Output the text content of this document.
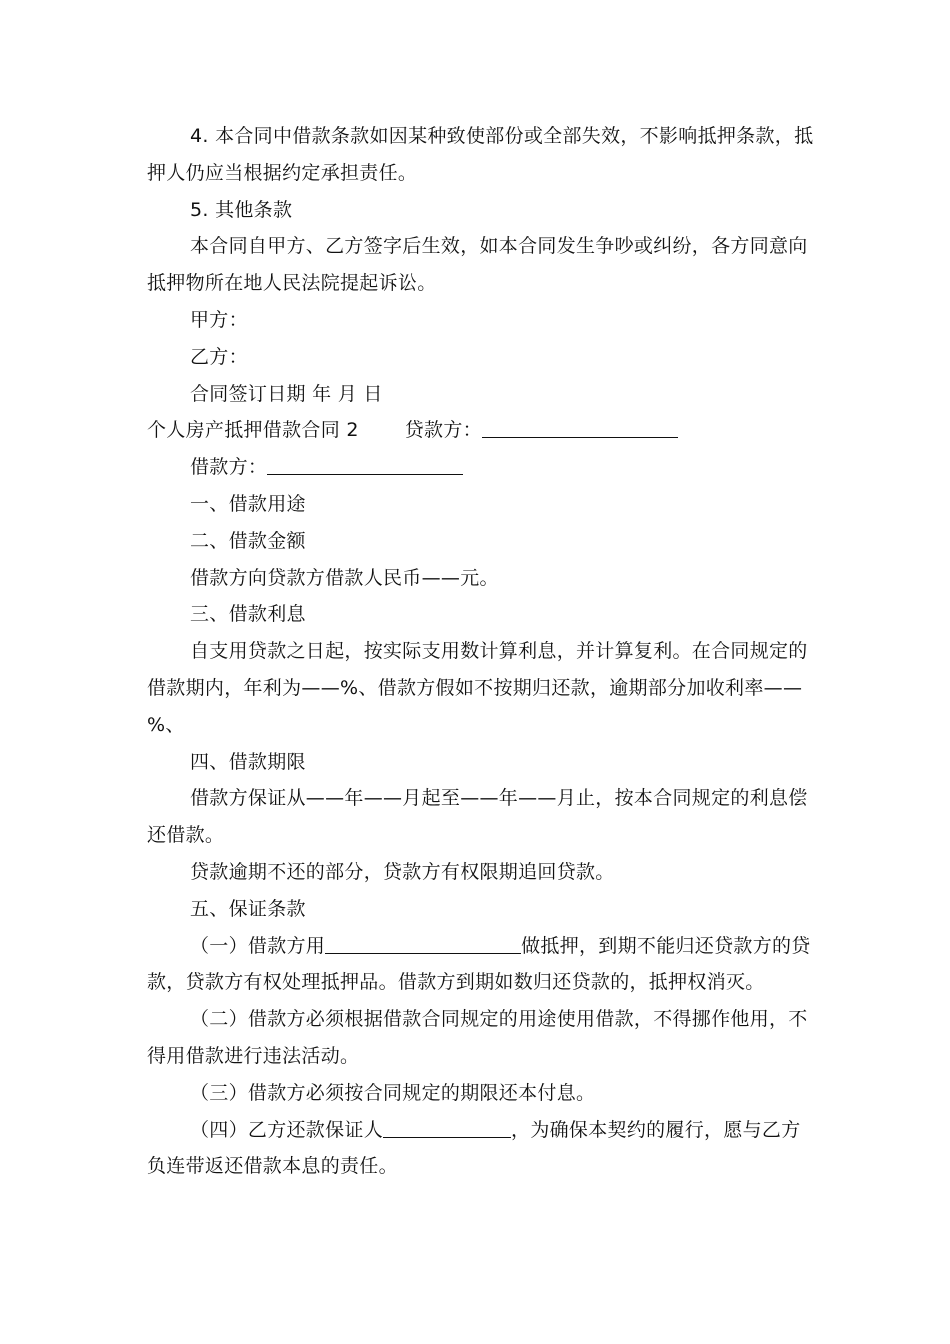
4. 本合同中借款条款如因某种致使部份或全部失效，不影响抵押条款，抵押人仍应当根据约定承担责任。

5. 其他条款

本合同自甲方、乙方签字后生效，如本合同发生争吵或纠纷，各方同意向抵押物所在地人民法院提起诉讼。

甲方：

乙方：

合同签订日期 年 月 日

个人房产抵押借款合同 2 贷款方：

借款方：

一、借款用途

二、借款金额

借款方向贷款方借款人民币——元。

三、借款利息

自支用贷款之日起，按实际支用数计算利息，并计算复利。在合同规定的借款期内，年利为——%、借款方假如不按期归还款，逾期部分加收利率——%、

四、借款期限

借款方保证从——年——月起至——年——月止，按本合同规定的利息偿还借款。

贷款逾期不还的部分，贷款方有权限期追回贷款。

五、保证条款

（一）借款方用	做抵押，到期不能归还贷款方的贷款，贷款方有权处理抵押品。借款方到期如数归还贷款的，抵押权消灭。

（二）借款方必须根据借款合同规定的用途使用借款，不得挪作他用，不得用借款进行违法活动。

（三）借款方必须按合同规定的期限还本付息。

（四）乙方还款保证人	，为确保本契约的履行，愿与乙方负连带返还借款本息的责任。
